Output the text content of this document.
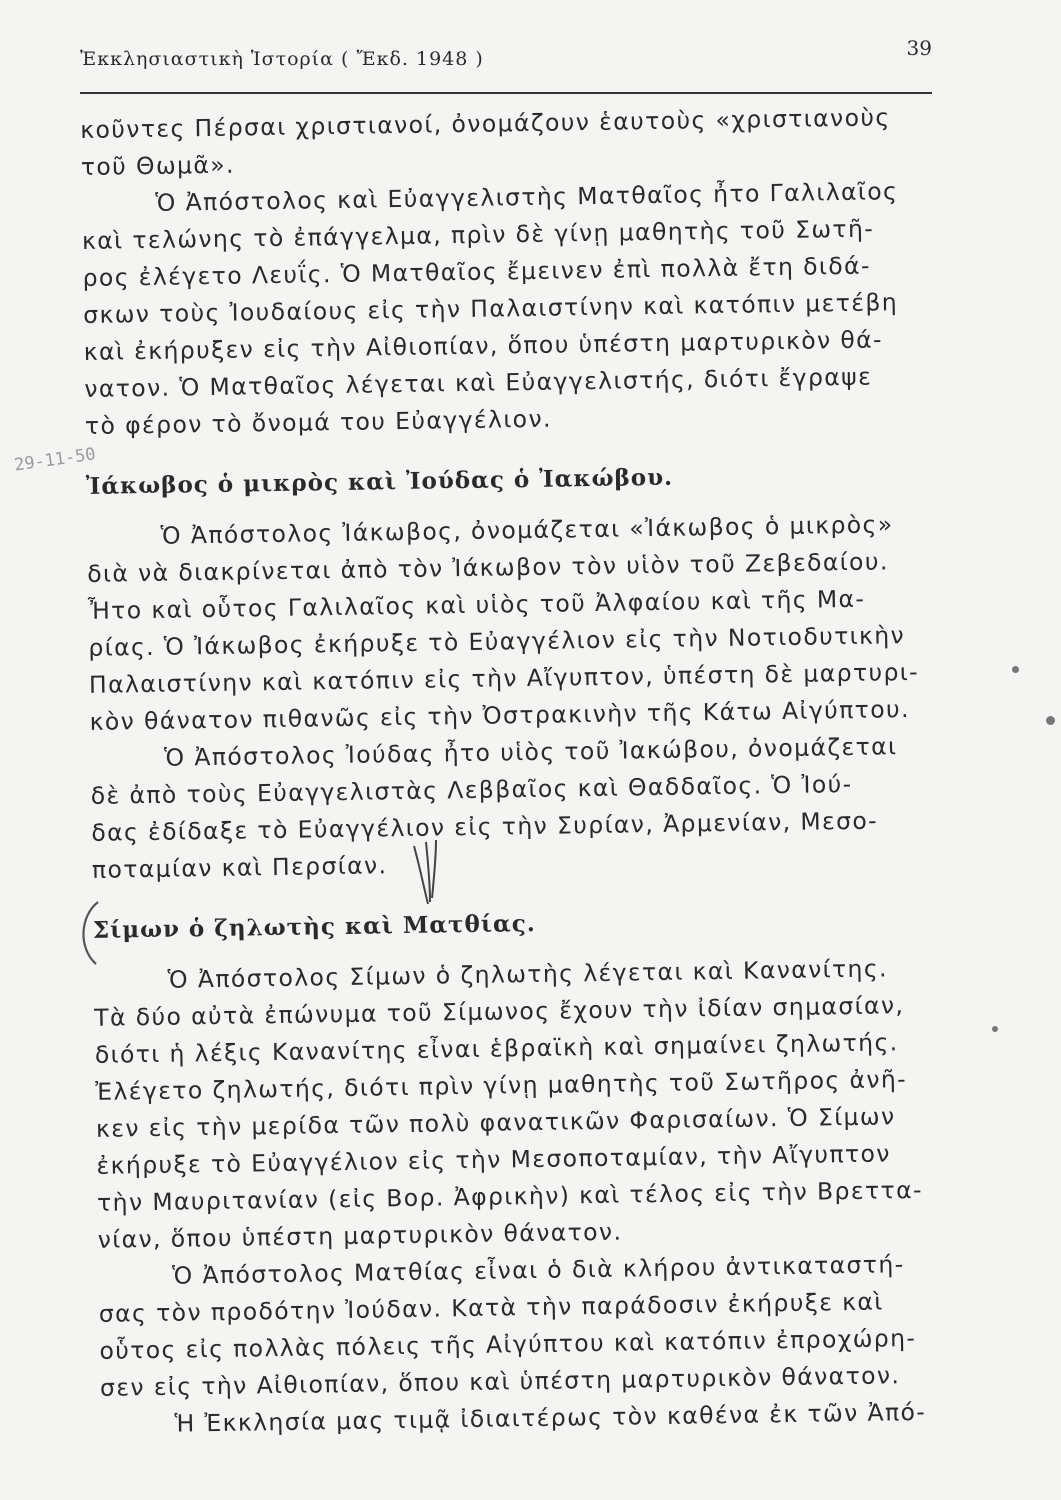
Ἐκκλησιαστικὴ Ἱστορία ( Ἔκδ. 1948 )	39
29-11-50
κοῦντες Πέρσαι χριστιανοί, ὀνομάζουν ἑαυτοὺς «χριστιανοὺς
τοῦ Θωμᾶ».
Ὁ Ἀπόστολος καὶ Εὐαγγελιστὴς Ματθαῖος ἦτο Γαλιλαῖος
καὶ τελώνης τὸ ἐπάγγελμα, πρὶν δὲ γίνῃ μαθητὴς τοῦ Σωτῆ-
ρος ἐλέγετο Λευΐς. Ὁ Ματθαῖος ἔμεινεν ἐπὶ πολλὰ ἔτη διδά-
σκων τοὺς Ἰουδαίους εἰς τὴν Παλαιστίνην καὶ κατόπιν μετέβη
καὶ ἐκήρυξεν εἰς τὴν Αἰθιοπίαν, ὅπου ὑπέστη μαρτυρικὸν θά-
νατον. Ὁ Ματθαῖος λέγεται καὶ Εὐαγγελιστής, διότι ἔγραψε
τὸ φέρον τὸ ὄνομά του Εὐαγγέλιον.
Ἰάκωβος ὁ μικρὸς καὶ Ἰούδας ὁ Ἰακώβου.
Ὁ Ἀπόστολος Ἰάκωβος, ὀνομάζεται «Ἰάκωβος ὁ μικρὸς»
διὰ νὰ διακρίνεται ἀπὸ τὸν Ἰάκωβον τὸν υἱὸν τοῦ Ζεβεδαίου.
Ἦτο καὶ οὗτος Γαλιλαῖος καὶ υἱὸς τοῦ Ἀλφαίου καὶ τῆς Μα-
ρίας. Ὁ Ἰάκωβος ἐκήρυξε τὸ Εὐαγγέλιον εἰς τὴν Νοτιοδυτικὴν
Παλαιστίνην καὶ κατόπιν εἰς τὴν Αἴγυπτον, ὑπέστη δὲ μαρτυρι-
κὸν θάνατον πιθανῶς εἰς τὴν Ὀστρακινὴν τῆς Κάτω Αἰγύπτου.
Ὁ Ἀπόστολος Ἰούδας ἦτο υἱὸς τοῦ Ἰακώβου, ὀνομάζεται
δὲ ἀπὸ τοὺς Εὐαγγελιστὰς Λεββαῖος καὶ Θαδδαῖος. Ὁ Ἰού-
δας ἐδίδαξε τὸ Εὐαγγέλιον εἰς τὴν Συρίαν, Ἀρμενίαν, Μεσο-
ποταμίαν καὶ Περσίαν.
Σίμων ὁ ζηλωτὴς καὶ Ματθίας.
Ὁ Ἀπόστολος Σίμων ὁ ζηλωτὴς λέγεται καὶ Κανανίτης.
Τὰ δύο αὐτὰ ἐπώνυμα τοῦ Σίμωνος ἔχουν τὴν ἰδίαν σημασίαν,
διότι ἡ λέξις Κανανίτης εἶναι ἑβραϊκὴ καὶ σημαίνει ζηλωτής.
Ἐλέγετο ζηλωτής, διότι πρὶν γίνῃ μαθητὴς τοῦ Σωτῆρος ἀνῆ-
κεν εἰς τὴν μερίδα τῶν πολὺ φανατικῶν Φαρισαίων. Ὁ Σίμων
ἐκήρυξε τὸ Εὐαγγέλιον εἰς τὴν Μεσοποταμίαν, τὴν Αἴγυπτον
τὴν Μαυριτανίαν (εἰς Βορ. Ἀφρικὴν) καὶ τέλος εἰς τὴν Βρεττα-
νίαν, ὅπου ὑπέστη μαρτυρικὸν θάνατον.
Ὁ Ἀπόστολος Ματθίας εἶναι ὁ διὰ κλήρου ἀντικαταστή-
σας τὸν προδότην Ἰούδαν. Κατὰ τὴν παράδοσιν ἐκήρυξε καὶ
οὗτος εἰς πολλὰς πόλεις τῆς Αἰγύπτου καὶ κατόπιν ἐπροχώρη-
σεν εἰς τὴν Αἰθιοπίαν, ὅπου καὶ ὑπέστη μαρτυρικὸν θάνατον.
Ἡ Ἐκκλησία μας τιμᾷ ἰδιαιτέρως τὸν καθένα ἐκ τῶν Ἀπό-
